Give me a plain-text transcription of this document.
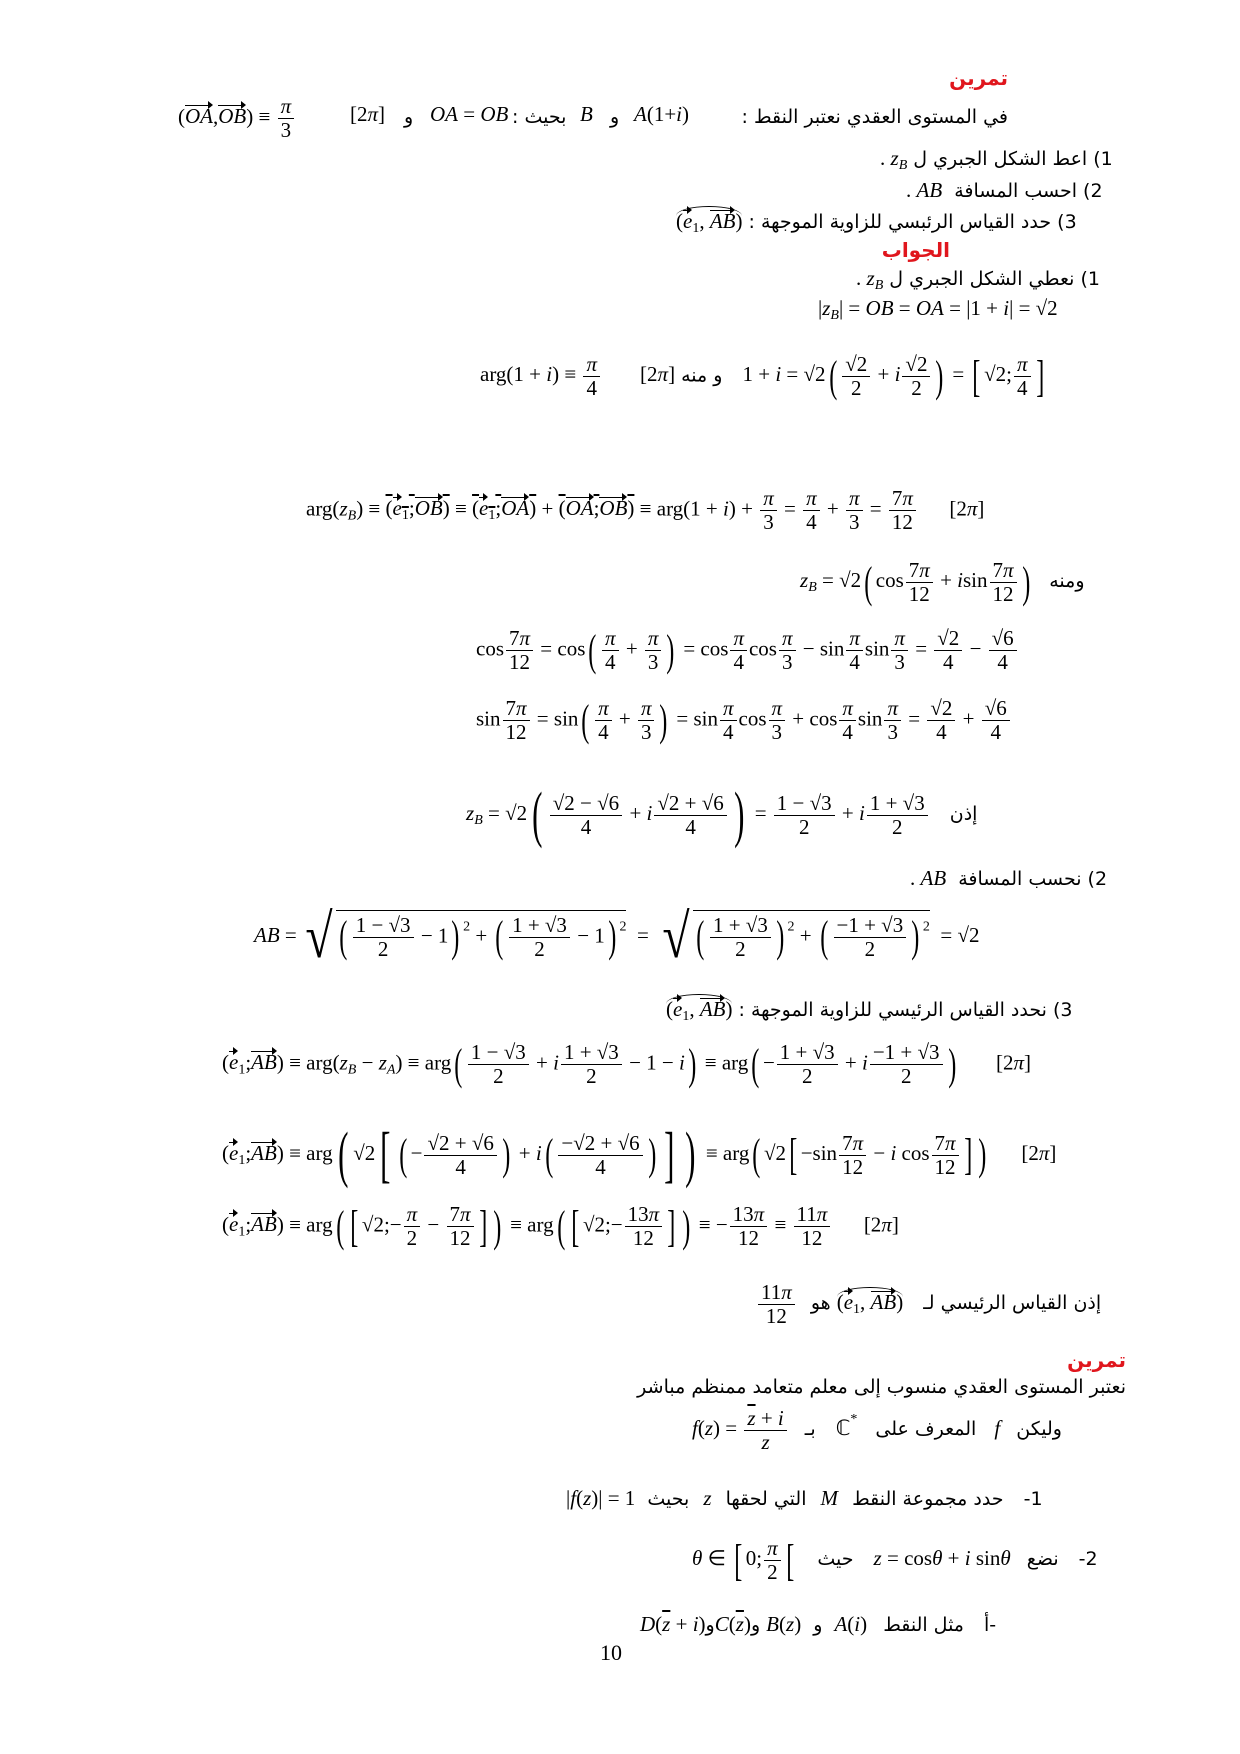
تمرين
$(OA,OB) \equiv \frac{\pi}{3}$	[2π] و OA = OB بحيث : B و A(1+i)	في المستوى العقدي نعتبر النقط :
. $z_B$ 1) اعط الشكل الجبري ل
. AB 2) احسب المسافة
($e_1$, AB) 3) حدد القياس الرئبسي للزاوية الموجهة :
الجواب
. $z_B$ 1) نعطي الشكل الجبري ل
$|z_B|$ = OB = OA = |1 + i| = √2
$arg(1 + i) \equiv \frac{\pi}{4} [2\pi]$ و منه $1 + i = √2( \frac{√2}{2} + i \frac{√2}{2}$ ) = [ √2; $\frac{\pi}{4}$ ]
$arg(z_B)$ ≡ $(e_1;OB)$ ≡ $(e_1;OA)$ + (OA;OB) ≡ $arg(1 + i) + \frac{\pi}{3} = \frac{\pi}{4} + \frac{\pi}{3} = \frac{7\pi}{12} [2\pi]$
$z_B = √2$( $\cos \frac{7\pi}{12} + isin \frac{7\pi}{12}$ ) ومنه
$\cos \frac{7\pi}{12} = \cos( \frac{\pi}{4} + \frac{\pi}{3}$ ) = $\cos \frac{\pi}{4}$ $\cos \frac{\pi}{3} - \sin \frac{\pi}{4}$ $\sin \frac{\pi}{3} = \frac{√2}{4} - \frac{√6}{4}$
$\sin \frac{7\pi}{12} = \sin( \frac{\pi}{4} + \frac{\pi}{3}$ ) = $\sin \frac{\pi}{4}$ $\cos \frac{\pi}{3} + \cos \frac{\pi}{4}$ $\sin \frac{\pi}{3} = \frac{√2}{4} + \frac{√6}{4}$
$z_B = √2( \frac{√2 - √6}{4} + i \frac{√2 + √6}{4}$ ) = $\frac{1 - √3}{2} + i \frac{1 + √3}{2}$ إذن
. AB 2) نحسب المسافة
AB = √ ( $\frac{1 - √3}{2} - 1$) $^2$ + ( $\frac{1 + √3}{2} - 1$) $^2$  =  √ ( $\frac{1 + √3}{2}$ ) $^2$ + ( $\frac{-1 + √3}{2}$ ) $^2$  = √2
($e_1$, AB) 3) نحدد القياس الرئيسي للزاوية الموجهة :
$(e_1;AB) \equiv arg(z_B - z_A) \equiv arg( \frac{1 - √3}{2} + i \frac{1 + √3}{2} - 1 - i) \equiv arg( - \frac{1 + √3}{2} + i \frac{-1 + √3}{2}$ )       [2π]
$(e_1;AB) \equiv arg$( √2[ ( − $\frac{√2 + √6}{4}$ ) + $i( \frac{-√2 + √6}{4}$ ) ] ) ≡ arg( $√2[ -\sin \frac{7\pi}{12} - i$ $\cos \frac{7\pi}{12}$ ] )      [2π]
$(e_1;AB) \equiv arg$( [ √2;− $\frac{\pi}{2} - \frac{7\pi}{12}$ ] ) ≡ arg( [ √2;− $\frac{13\pi}{12}$ ] ) ≡ − $\frac{13\pi}{12} \equiv \frac{11\pi}{12} [2\pi]$
$\frac{11\pi}{12}$ هو ($e_1$, AB) إذن القياس الرئيسي لـ
تمرين
نعتبر المستوى العقدي منسوب إلى معلم متعامد ممنظم مباشر
$f(z) = \frac{\overline{z} + i}{z}$ بـ ℂ* المعرف على f وليكن
|f(z)| = 1 بحيث z التي لحقها M حدد مجموعة النقط -1
θ ∈ [ 0; $\frac{\pi}{2}$ [ حيث z = cosθ + i sinθ نضع -2
$D(\overline{z}$ + $i)وC(\overline{z})و$ B(z) و A(i) مثل النقط -أ
10
